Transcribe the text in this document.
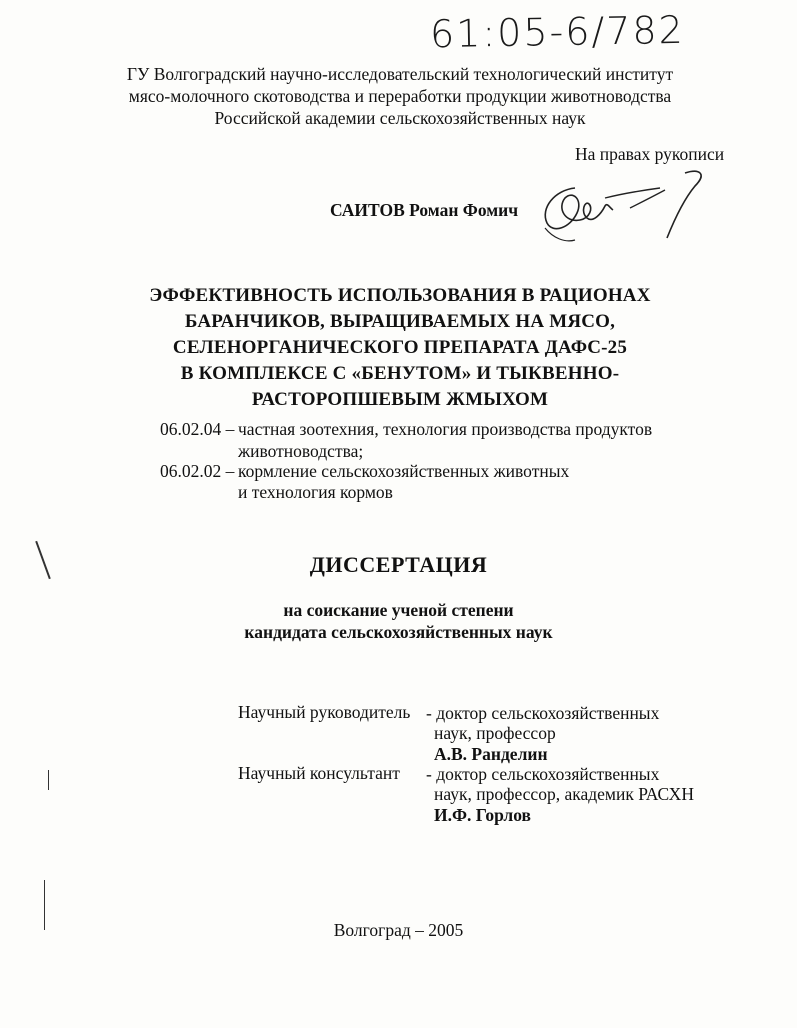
61:05-6/782
ГУ Волгоградский научно-исследовательский технологический институт
мясо-молочного скотоводства и переработки продукции животноводства
Российской академии сельскохозяйственных наук
На правах рукописи
САИТОВ Роман Фомич
ЭФФЕКТИВНОСТЬ ИСПОЛЬЗОВАНИЯ В РАЦИОНАХ
БАРАНЧИКОВ, ВЫРАЩИВАЕМЫХ НА МЯСО,
СЕЛЕНОРГАНИЧЕСКОГО ПРЕПАРАТА ДАФС-25
В КОМПЛЕКСЕ С «БЕНУТОМ» И ТЫКВЕННО-
РАСТОРОПШЕВЫМ ЖМЫХОМ
06.02.04 – частная зоотехния, технология производства продуктов
животноводства;
06.02.02 – кормление сельскохозяйственных животных
и технология кормов
ДИССЕРТАЦИЯ
на соискание ученой степени
кандидата сельскохозяйственных наук
Научный руководитель - доктор сельскохозяйственных
наук, профессор
А.В. Ранделин
Научный консультант - доктор сельскохозяйственных
наук, профессор, академик РАСХН
И.Ф. Горлов
Волгоград – 2005
